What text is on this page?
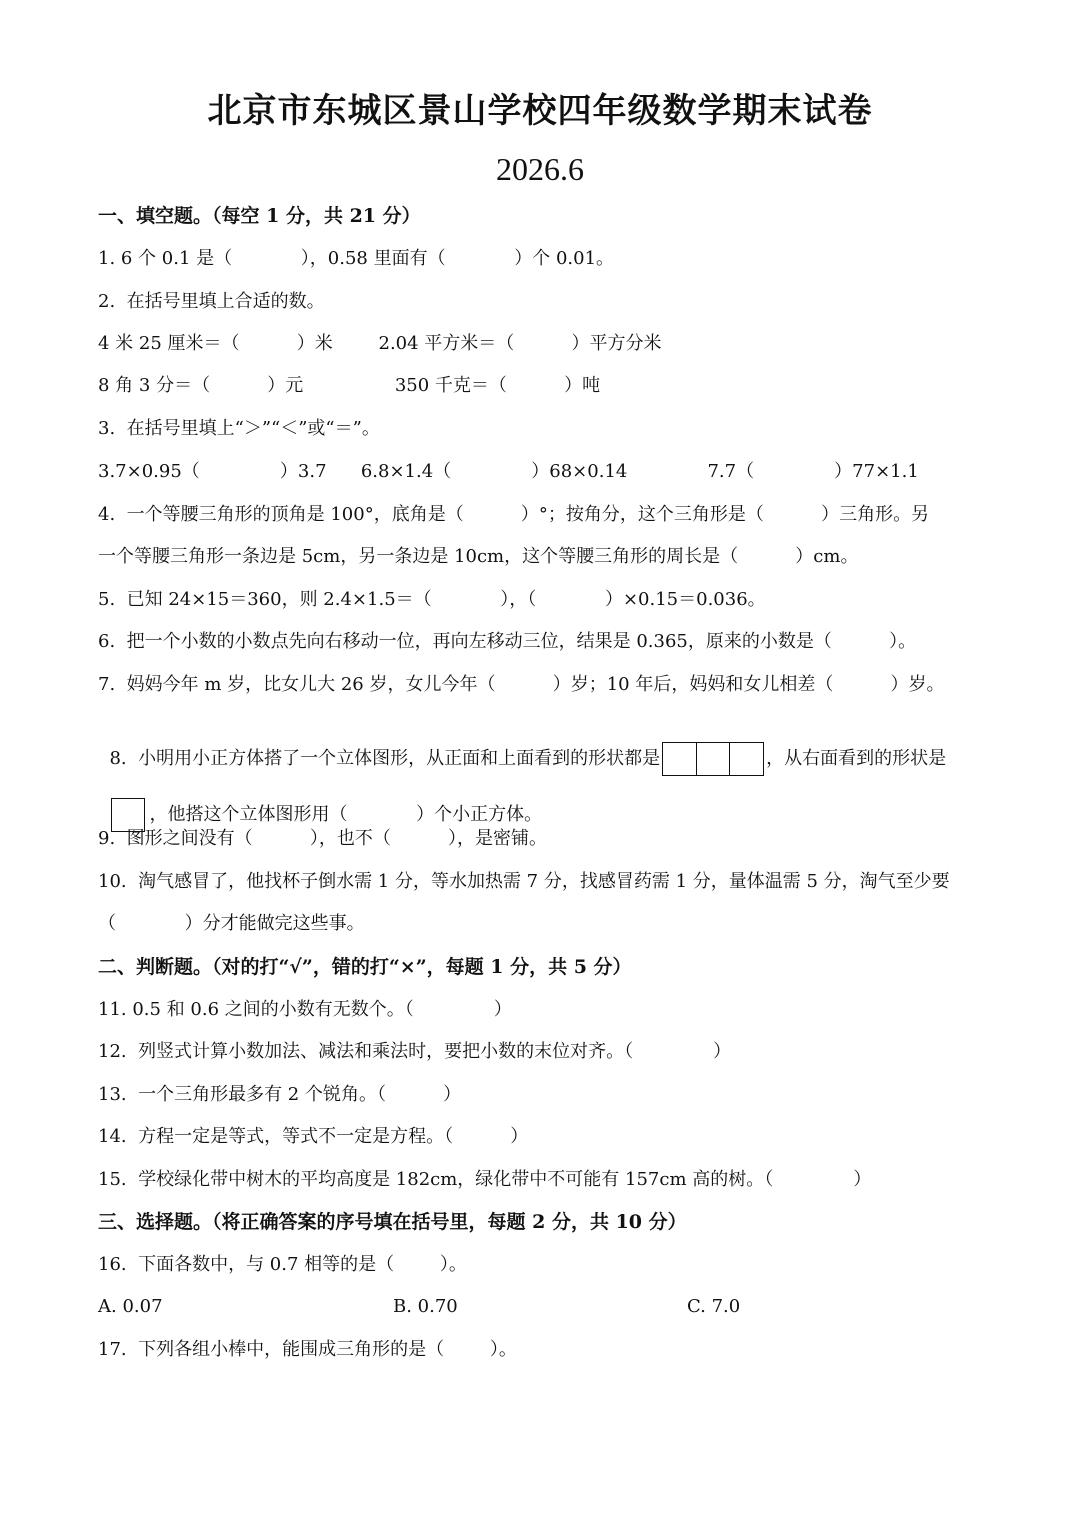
北京市东城区景山学校四年级数学期末试卷
2026.6
一、填空题。（每空 1 分，共 21 分）
1. 6 个 0.1 是（            ），0.58 里面有（            ）个 0.01。
2.  在括号里填上合适的数。
4 米 25 厘米＝（          ）米        2.04 平方米＝（          ）平方分米
8 角 3 分＝（          ）元                350 千克＝（          ）吨
3.  在括号里填上“＞”“＜”或“＝”。
3.7×0.95（              ）3.7      6.8×1.4（              ）68×0.14              7.7（              ）77×1.1
4.  一个等腰三角形的顶角是 100°，底角是（          ）°；按角分，这个三角形是（          ）三角形。另
一个等腰三角形一条边是 5cm，另一条边是 10cm，这个等腰三角形的周长是（          ）cm。
5.  已知 24×15＝360，则 2.4×1.5＝（            ），（            ）×0.15＝0.036。
6.  把一个小数的小数点先向右移动一位，再向左移动三位，结果是 0.365，原来的小数是（          ）。
7.  妈妈今年 m 岁，比女儿大 26 岁，女儿今年（          ）岁；10 年后，妈妈和女儿相差（          ）岁。

8.  小明用小正方体搭了一个立体图形，从正面和上面看到的形状都是	，从右面看到的形状是

，他搭这个立体图形用（            ）个小正方体。

9.  图形之间没有（          ），也不（          ），是密铺。
10.  淘气感冒了，他找杯子倒水需 1 分，等水加热需 7 分，找感冒药需 1 分，量体温需 5 分，淘气至少要
（            ）分才能做完这些事。
二、判断题。（对的打“√”，错的打“×”，每题 1 分，共 5 分）
11. 0.5 和 0.6 之间的小数有无数个。（              ）
12.  列竖式计算小数加法、减法和乘法时，要把小数的末位对齐。（              ）
13.  一个三角形最多有 2 个锐角。（          ）
14.  方程一定是等式，等式不一定是方程。（          ）
15.  学校绿化带中树木的平均高度是 182cm，绿化带中不可能有 157cm 高的树。（              ）
三、选择题。（将正确答案的序号填在括号里，每题 2 分，共 10 分）
16.  下面各数中，与 0.7 相等的是（        ）。
A. 0.07	B. 0.70	C. 7.0
17.  下列各组小棒中，能围成三角形的是（        ）。
